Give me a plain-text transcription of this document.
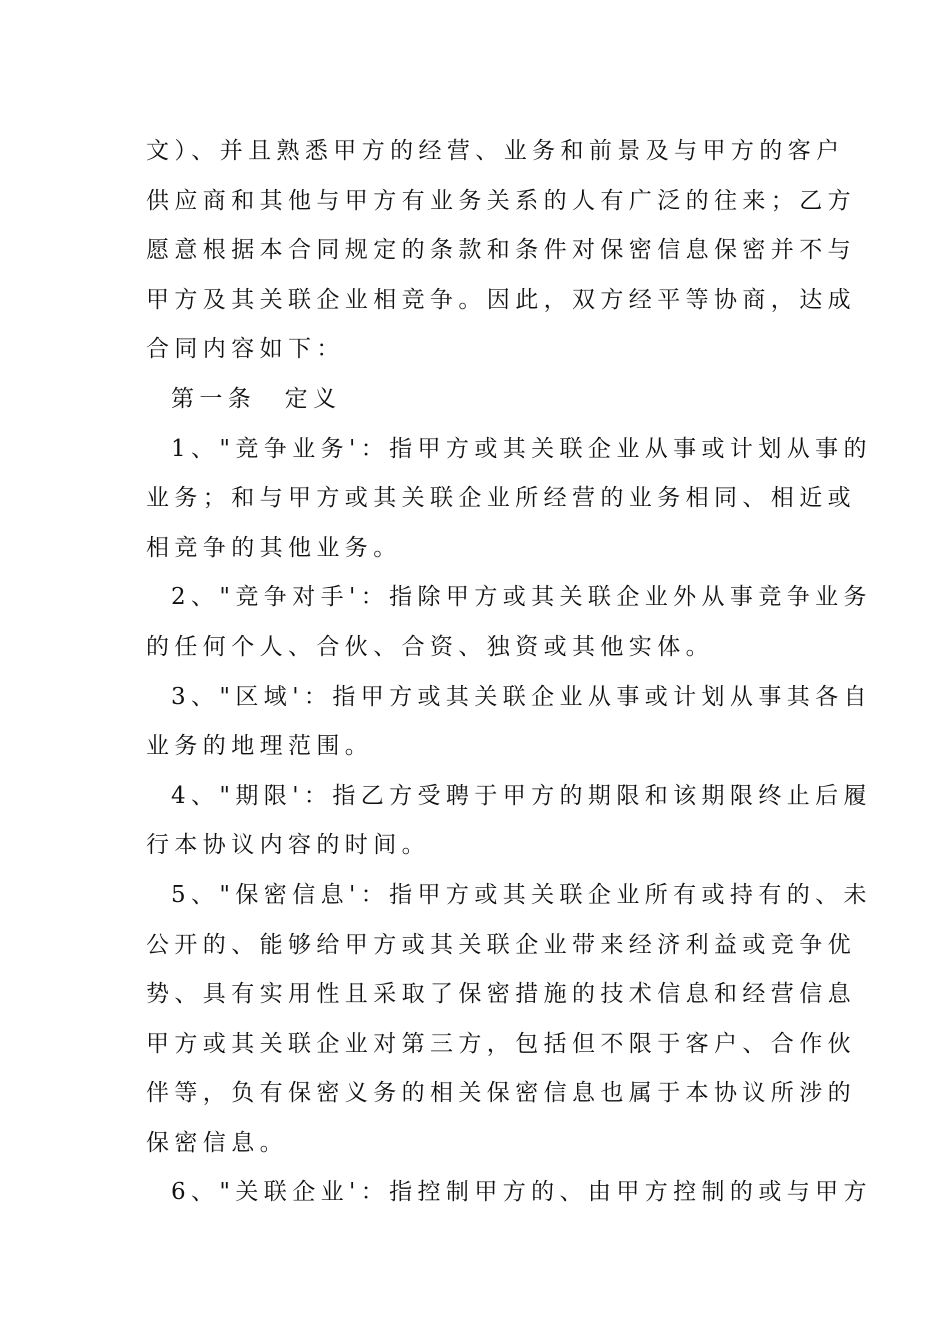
文）、并且熟悉甲方的经营、业务和前景及与甲方的客户
供应商和其他与甲方有业务关系的人有广泛的往来；乙方
愿意根据本合同规定的条款和条件对保密信息保密并不与
甲方及其关联企业相竞争。因此，双方经平等协商，达成
合同内容如下：
第一条　定义
1、"竞争业务'：指甲方或其关联企业从事或计划从事的
业务；和与甲方或其关联企业所经营的业务相同、相近或
相竞争的其他业务。
2、"竞争对手'：指除甲方或其关联企业外从事竞争业务
的任何个人、合伙、合资、独资或其他实体。
3、"区域'：指甲方或其关联企业从事或计划从事其各自
业务的地理范围。
4、"期限'：指乙方受聘于甲方的期限和该期限终止后履
行本协议内容的时间。
5、"保密信息'：指甲方或其关联企业所有或持有的、未
公开的、能够给甲方或其关联企业带来经济利益或竞争优
势、具有实用性且采取了保密措施的技术信息和经营信息
甲方或其关联企业对第三方，包括但不限于客户、合作伙
伴等，负有保密义务的相关保密信息也属于本协议所涉的
保密信息。
6、"关联企业'：指控制甲方的、由甲方控制的或与甲方
